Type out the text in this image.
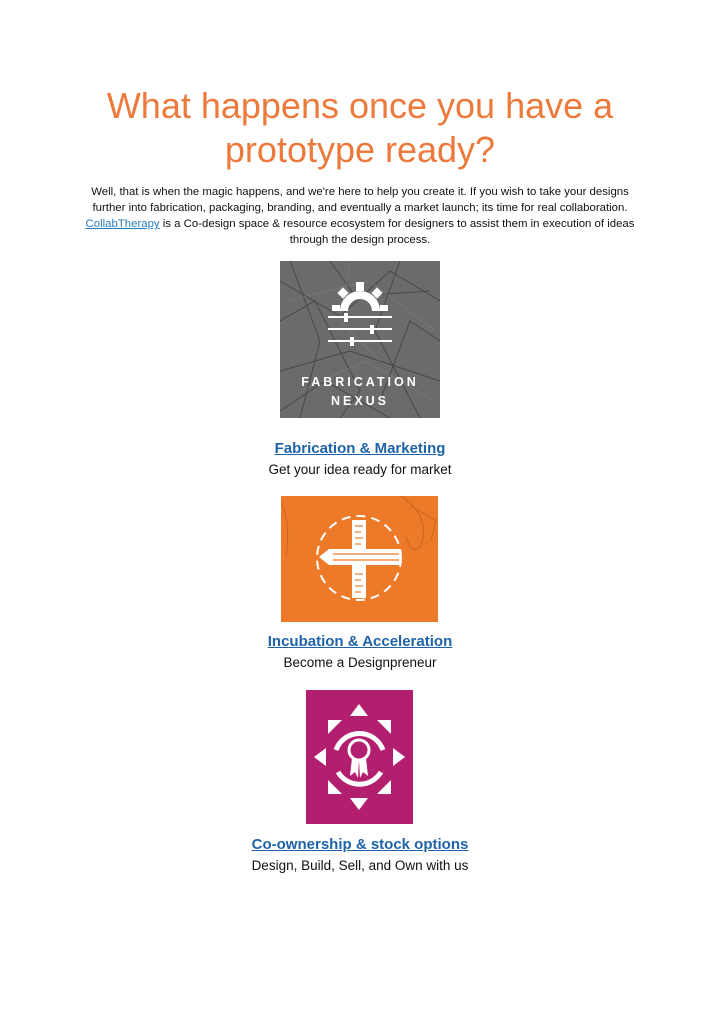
What happens once you have a prototype ready?

Well, that is when the magic happens, and we're here to help you create it. If you wish to take your designs further into fabrication, packaging, branding, and eventually a market launch; its time for real collaboration. CollabTherapy is a Co-design space & resource ecosystem for designers to assist them in execution of ideas through the design process.

FABRICATION
NEXUS
Fabrication & Marketing
Get your idea ready for market
Incubation & Acceleration
Become a Designpreneur
Co-ownership & stock options
Design, Build, Sell, and Own with us
